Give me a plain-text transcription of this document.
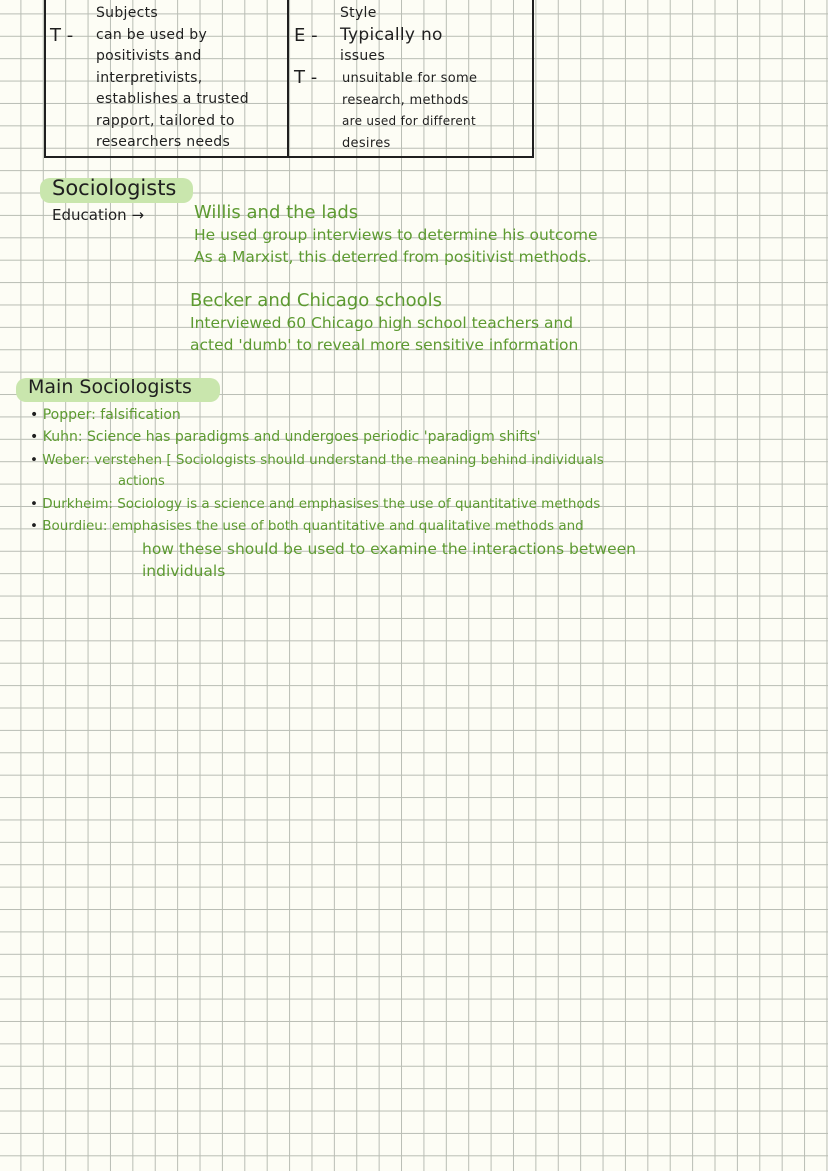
T -
Subjects
can be used by
positivists and
interpretivists,
establishes a trusted
rapport, tailored to
researchers needs
E -
Style
Typically no
issues
T - unsuitable for some
research, methods
are used for different
desires
Sociologists
Education →	Willis and the lads
He used group interviews to determine his outcome
As a Marxist, this deterred from positivist methods.
Becker and Chicago schools
Interviewed 60 Chicago high school teachers and
acted 'dumb' to reveal more sensitive information
Main Sociologists
• Popper: falsification
• Kuhn: Science has paradigms and undergoes periodic 'paradigm shifts'
• Weber: verstehen [ Sociologists should understand the meaning behind individuals
actions
• Durkheim: Sociology is a science and emphasises the use of quantitative methods
• Bourdieu: emphasises the use of both quantitative and qualitative methods and
how these should be used to examine the interactions between
individuals
